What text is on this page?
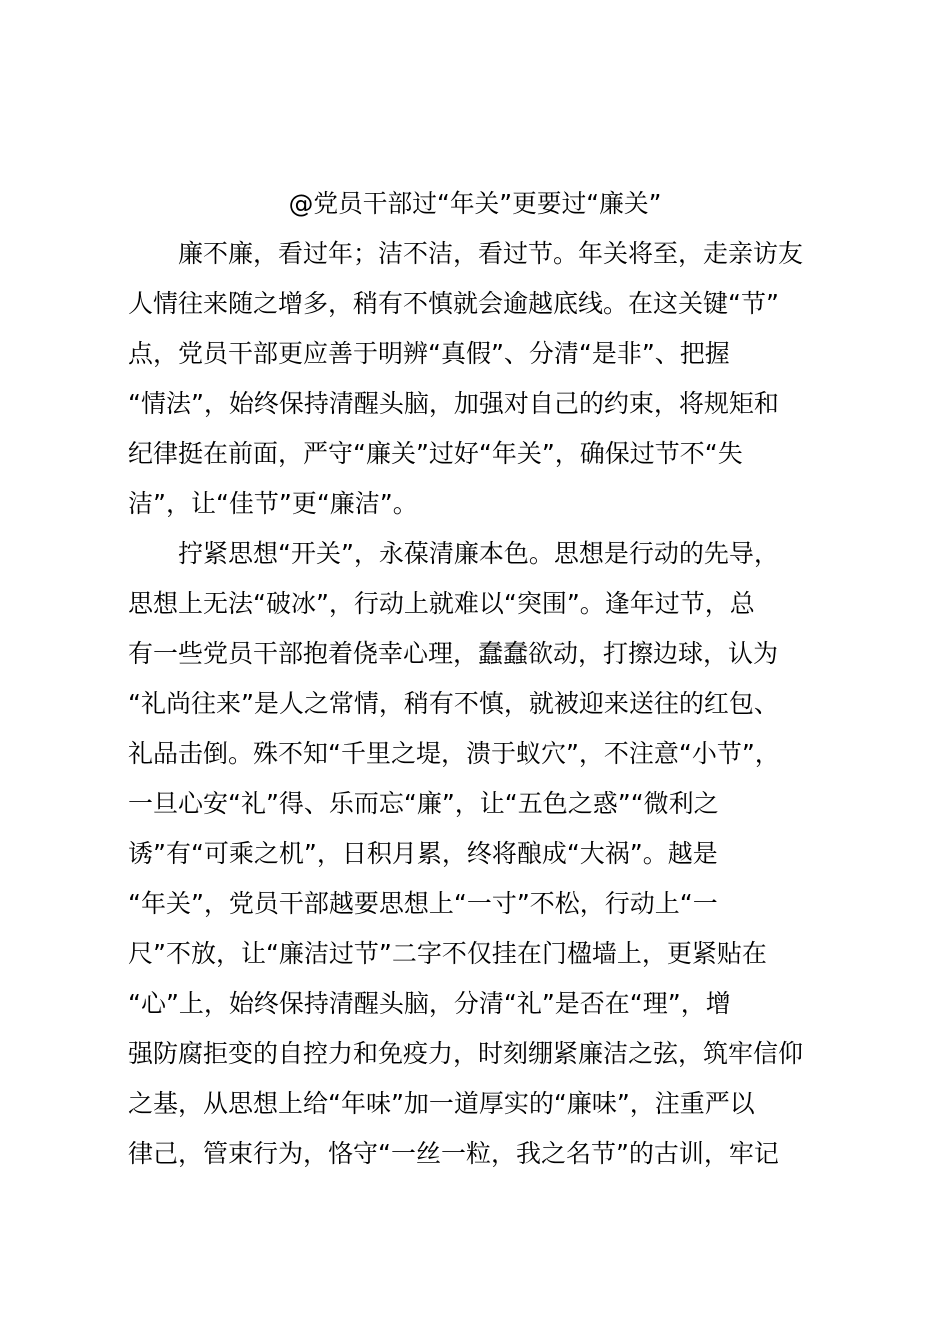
@党员干部过“年关”更要过“廉关”
廉不廉，看过年；洁不洁，看过节。年关将至，走亲访友
人情往来随之增多，稍有不慎就会逾越底线。在这关键“节”
点，党员干部更应善于明辨“真假”、分清“是非”、把握
“情法”，始终保持清醒头脑，加强对自己的约束，将规矩和
纪律挺在前面，严守“廉关”过好“年关”，确保过节不“失
洁”，让“佳节”更“廉洁”。
拧紧思想“开关”，永葆清廉本色。思想是行动的先导，
思想上无法“破冰”，行动上就难以“突围”。逢年过节，总
有一些党员干部抱着侥幸心理，蠢蠢欲动，打擦边球，认为
“礼尚往来”是人之常情，稍有不慎，就被迎来送往的红包、
礼品击倒。殊不知“千里之堤，溃于蚁穴”，不注意“小节”，
一旦心安“礼”得、乐而忘“廉”，让“五色之惑”“微利之
诱”有“可乘之机”，日积月累，终将酿成“大祸”。越是
“年关”，党员干部越要思想上“一寸”不松，行动上“一
尺”不放，让“廉洁过节”二字不仅挂在门楹墙上，更紧贴在
“心”上，始终保持清醒头脑，分清“礼”是否在“理”，增
强防腐拒变的自控力和免疫力，时刻绷紧廉洁之弦，筑牢信仰
之基，从思想上给“年味”加一道厚实的“廉味”，注重严以
律己，管束行为，恪守“一丝一粒，我之名节”的古训，牢记
